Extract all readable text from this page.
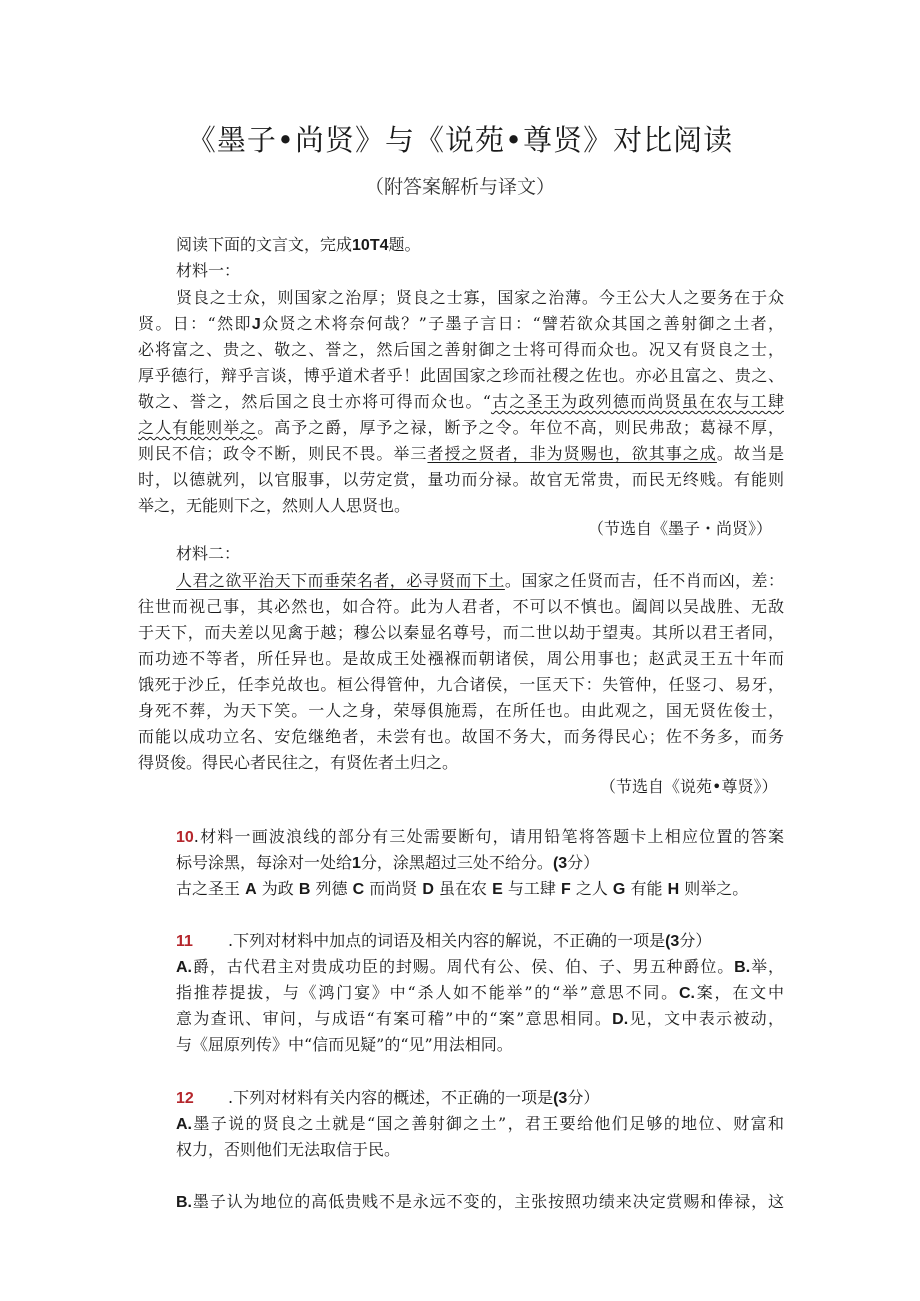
《墨子•尚贤》与《说苑•尊贤》对比阅读
（附答案解析与译文）
阅读下面的文言文，完成10T4题。
材料一：
贤良之士众，则国家之治厚；贤良之士寡，国家之治薄。今王公大人之要务在于众
贤。日：“然即J众贤之术将奈何哉？”子墨子言日：“譬若欲众其国之善射御之土者，
必将富之、贵之、敬之、誉之，然后国之善射御之士将可得而众也。况又有贤良之士，
厚乎德行，辩乎言谈，博乎道术者乎！此固国家之珍而社稷之佐也。亦必且富之、贵之、
敬之、誉之，然后国之良士亦将可得而众也。“古之圣王为政列德而尚贤虽在农与工肆
之人有能则举之。高予之爵，厚予之禄，断予之令。年位不高，则民弗敌；葛禄不厚，
则民不信；政令不断，则民不畏。举三者授之贤者，非为贤赐也，欲其事之成。故当是
时，以德就列，以官服事，以劳定赏，量功而分禄。故官无常贵，而民无终贱。有能则
举之，无能则下之，然则人人思贤也。
（节选自《墨子・尚贤》）
材料二：
人君之欲平治天下而垂荣名者，必寻贤而下土。国家之任贤而吉，任不肖而凶，差：
往世而视己事，其必然也，如合符。此为人君者，不可以不慎也。阖闾以吴战胜、无敌
于天下，而夫差以见禽于越；穆公以秦显名尊号，而二世以劫于望夷。其所以君王者同，
而功迹不等者，所任异也。是故成王处襁褓而朝诸侯，周公用事也；赵武灵王五十年而
饿死于沙丘，任李兑故也。桓公得管仲，九合诸侯，一匡天下：失管仲，任竖刁、易牙，
身死不葬，为天下笑。一人之身，荣辱俱施焉，在所任也。由此观之，国无贤佐俊士，
而能以成功立名、安危继绝者，未尝有也。故国不务大，而务得民心；佐不务多，而务
得贤俊。得民心者民往之，有贤佐者土归之。
（节选自《说苑•尊贤》）
10.材料一画波浪线的部分有三处需要断句，请用铅笔将答题卡上相应位置的答案
标号涂黑，每涂对一处给1分，涂黑超过三处不给分。(3分）
古之圣王 A 为政 B 列德 C 而尚贤 D 虽在农 E 与工肆 F 之人 G 有能 H 则举之。
11 .下列对材料中加点的词语及相关内容的解说，不正确的一项是(3分）
A.爵，古代君主对贵成功臣的封赐。周代有公、侯、伯、子、男五种爵位。B.举，
指推荐提拔，与《鸿门宴》中“杀人如不能举”的“举”意思不同。C.案，在文中
意为查讯、审问，与成语“有案可稽”中的“案”意思相同。D.见，文中表示被动，
与《屈原列传》中“信而见疑”的“见”用法相同。
12 .下列对材料有关内容的概述，不正确的一项是(3分）
A.墨子说的贤良之土就是“国之善射御之土”，君王要给他们足够的地位、财富和
权力，否则他们无法取信于民。
B.墨子认为地位的高低贵贱不是永远不变的，主张按照功绩来决定赏赐和俸禄，这
